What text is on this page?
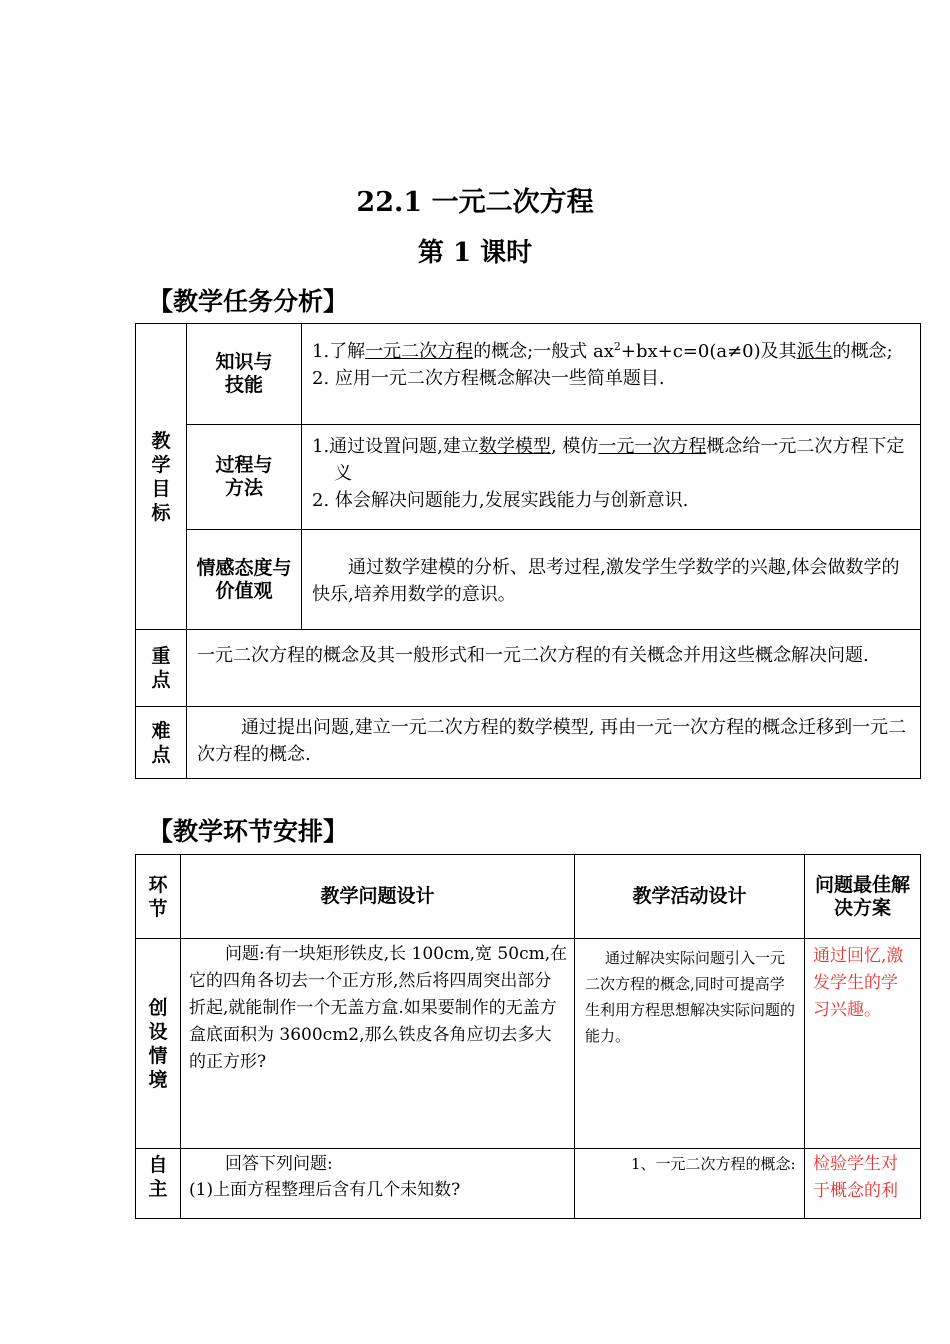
22.1 一元二次方程
第 1 课时
【教学任务分析】
教学目标	知识与技能	1.了解一元二次方程的概念;一般式 $ax^2+bx+c=0(a\ne 0)$及其派生的概念;

2. 应用一元二次方程概念解决一些简单题目.

	过程与方法	1.通过设置问题,建立数学模型, 模仿一元一次方程概念给一元二次方程下定义

2. 体会解决问题能力,发展实践能力与创新意识.

	情感态度与价值观	通过数学建模的分析、思考过程,激发学生学数学的兴趣,体会做数学的快乐,培养用数学的意识。

重点	一元二次方程的概念及其一般形式和一元二次方程的有关概念并用这些概念解决问题.	

难点	通过提出问题,建立一元二次方程的数学模型, 再由一元一次方程的概念迁移到一元二次方程的概念.	

【教学环节安排】
环节	教学问题设计	教学活动设计	问题最佳解决方案

创设情境	问题:有一块矩形铁皮,长 100cm,宽 50cm,在它的四角各切去一个正方形,然后将四周突出部分折起,就能制作一个无盖方盒.如果要制作的无盖方盒底面积为 3600cm2,那么铁皮各角应切去多大的正方形?	通过解决实际问题引入一元二次方程的概念,同时可提高学生利用方程思想解决实际问题的能力。	通过回忆,激发学生的学习兴趣。

自主	回答下列问题:

(1)上面方程整理后含有几个未知数?	1、一元二次方程的概念:	检验学生对于概念的利
